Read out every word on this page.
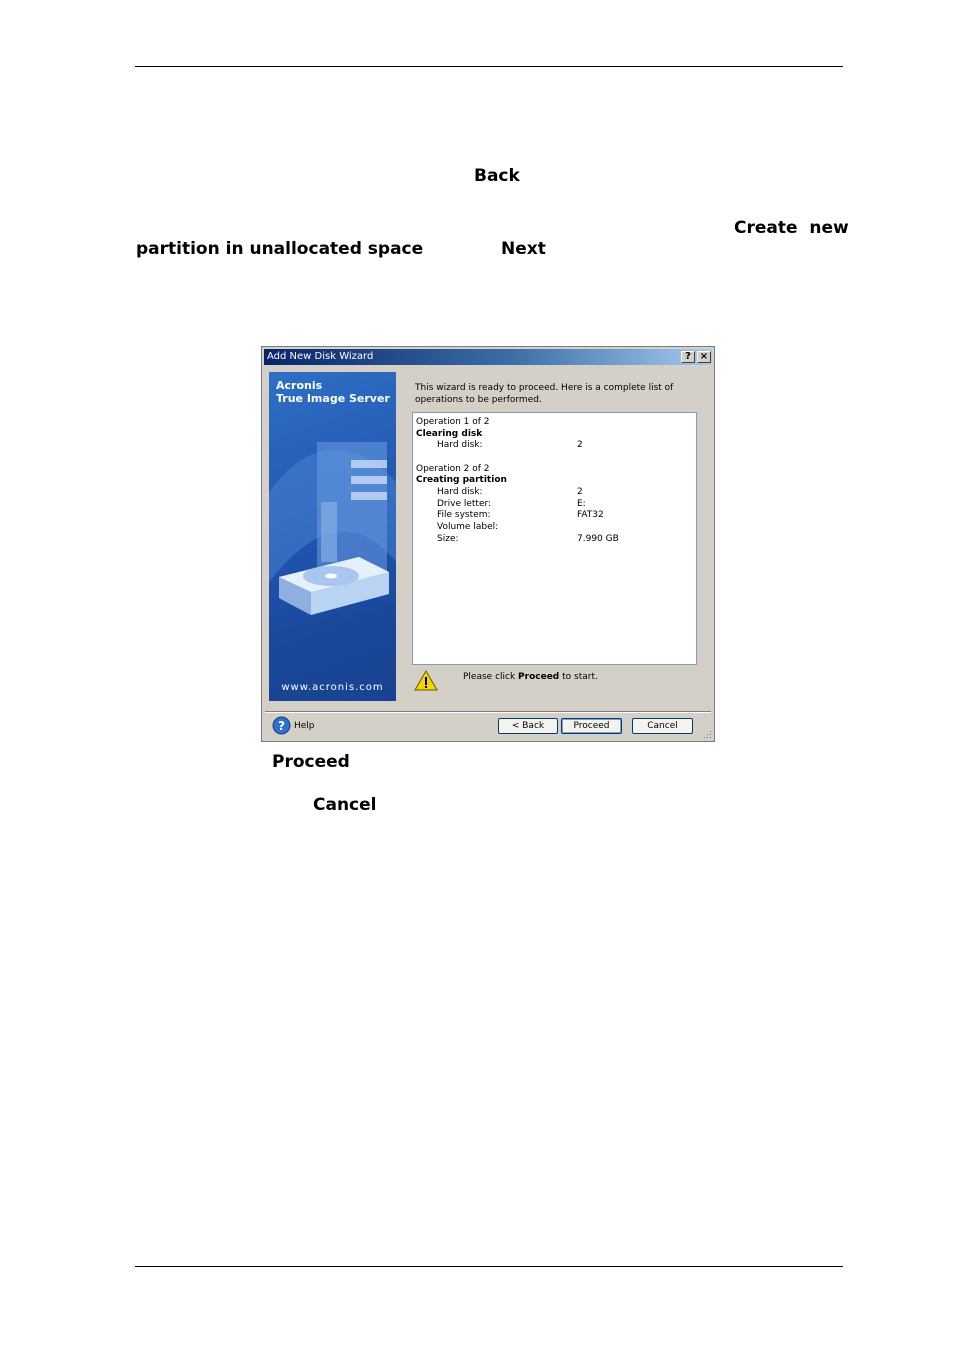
Back
Create  new
partition in unallocated space	Next
Add New Disk Wizard	? ×
Acronis
True Image Server
www.acronis.com
This wizard is ready to proceed. Here is a complete list of operations to be performed.
Operation 1 of 2
Clearing disk
Hard disk:	2
Operation 2 of 2
Creating partition
Hard disk:	2
Drive letter:	E:
File system:	FAT32
Volume label:
Size:	7.990 GB
Please click Proceed to start.
? Help	< Back	Proceed	Cancel
Proceed
Cancel
